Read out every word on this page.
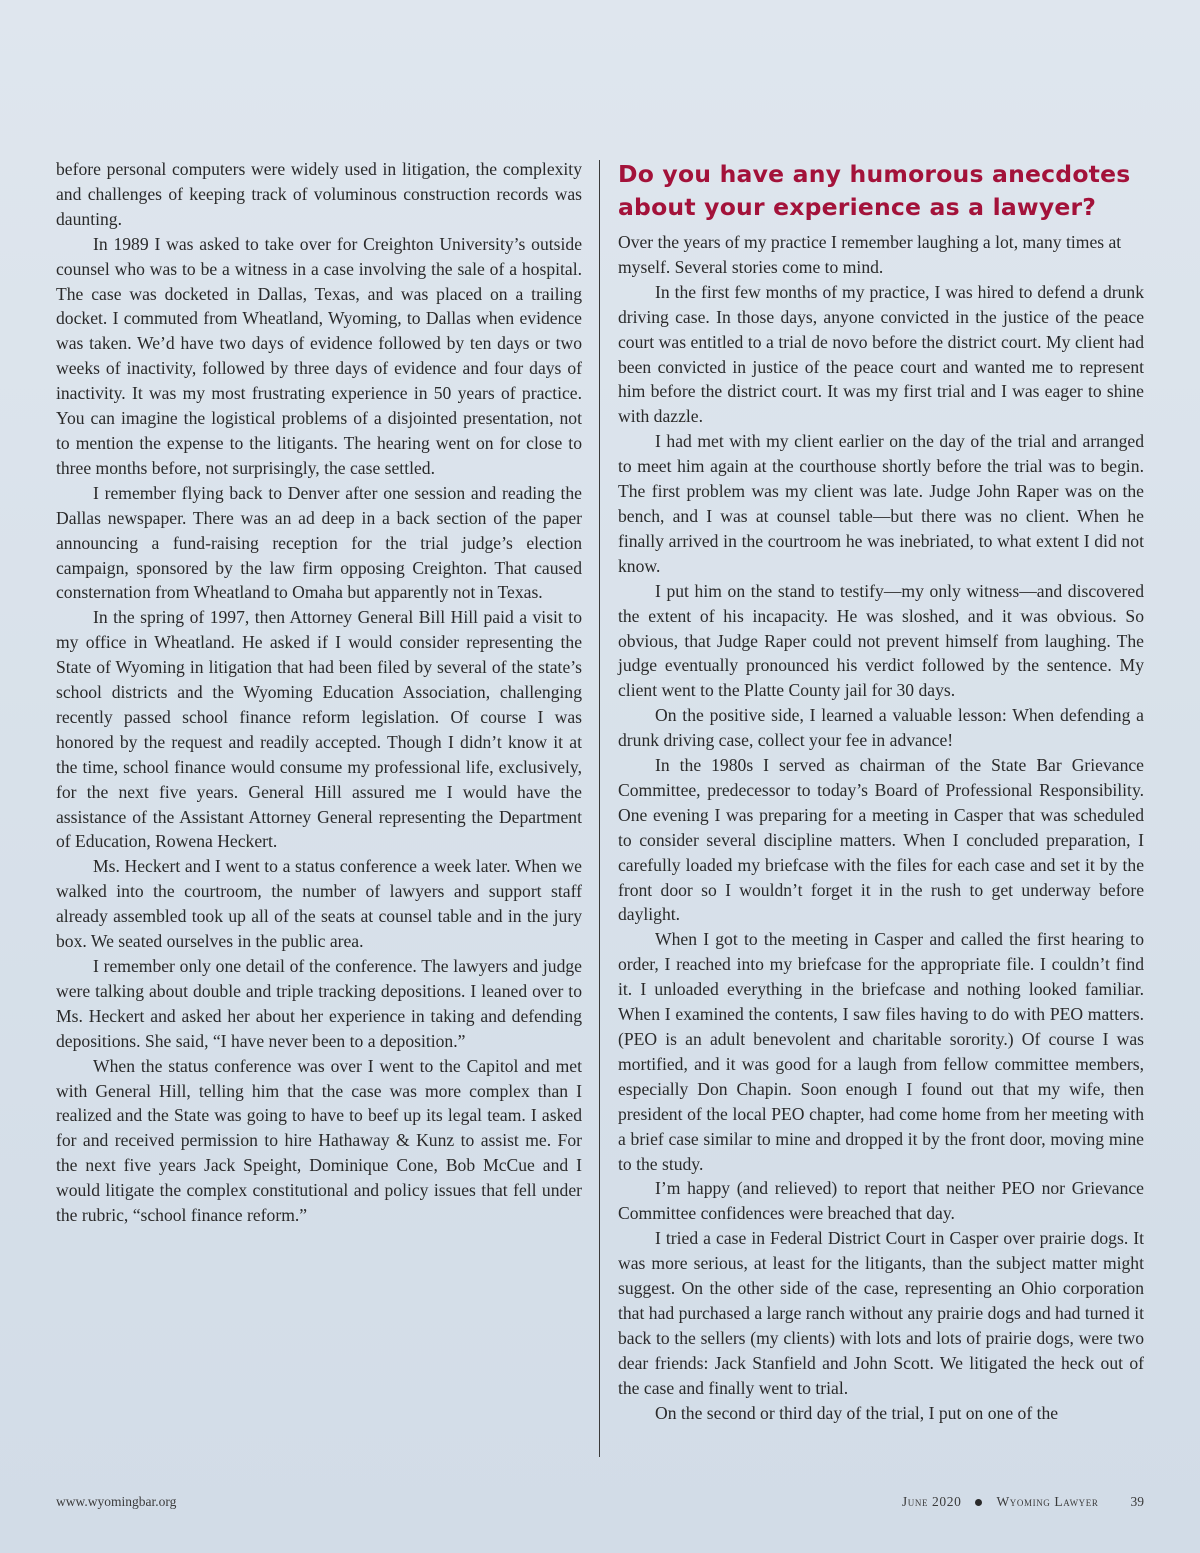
before personal computers were widely used in litigation, the complexity and challenges of keeping track of voluminous construction records was daunting.

In 1989 I was asked to take over for Creighton University’s outside counsel who was to be a witness in a case involving the sale of a hospital. The case was docketed in Dallas, Texas, and was placed on a trailing docket. I commuted from Wheatland, Wyoming, to Dallas when evidence was taken. We’d have two days of evidence followed by ten days or two weeks of inactivity, followed by three days of evidence and four days of inactivity. It was my most frustrating experience in 50 years of practice. You can imagine the logistical problems of a disjointed presentation, not to mention the expense to the litigants. The hearing went on for close to three months before, not surprisingly, the case settled.

I remember flying back to Denver after one session and reading the Dallas newspaper. There was an ad deep in a back section of the paper announcing a fund-raising reception for the trial judge’s election campaign, sponsored by the law firm opposing Creighton. That caused consternation from Wheatland to Omaha but apparently not in Texas.

In the spring of 1997, then Attorney General Bill Hill paid a visit to my office in Wheatland. He asked if I would consider representing the State of Wyoming in litigation that had been filed by several of the state’s school districts and the Wyoming Education Association, challenging recently passed school finance reform legislation. Of course I was honored by the request and readily accepted. Though I didn’t know it at the time, school finance would consume my professional life, exclusively, for the next five years. General Hill assured me I would have the assistance of the Assistant Attorney General representing the Department of Education, Rowena Heckert.

Ms. Heckert and I went to a status conference a week later. When we walked into the courtroom, the number of lawyers and support staff already assembled took up all of the seats at counsel table and in the jury box. We seated ourselves in the public area.

I remember only one detail of the conference. The lawyers and judge were talking about double and triple tracking depositions. I leaned over to Ms. Heckert and asked her about her experience in taking and defending depositions. She said, “I have never been to a deposition.”

When the status conference was over I went to the Capitol and met with General Hill, telling him that the case was more complex than I realized and the State was going to have to beef up its legal team. I asked for and received permission to hire Hathaway & Kunz to assist me. For the next five years Jack Speight, Dominique Cone, Bob McCue and I would litigate the complex constitutional and policy issues that fell under the rubric, “school finance reform.”

Do you have any humorous anecdotes about your experience as a lawyer?

Over the years of my practice I remember laughing a lot, many times at myself. Several stories come to mind.

In the first few months of my practice, I was hired to defend a drunk driving case. In those days, anyone convicted in the justice of the peace court was entitled to a trial de novo before the district court. My client had been convicted in justice of the peace court and wanted me to represent him before the district court. It was my first trial and I was eager to shine with dazzle.

I had met with my client earlier on the day of the trial and arranged to meet him again at the courthouse shortly before the trial was to begin. The first problem was my client was late. Judge John Raper was on the bench, and I was at counsel table—but there was no client. When he finally arrived in the courtroom he was inebriated, to what extent I did not know.

I put him on the stand to testify—my only witness—and discovered the extent of his incapacity. He was sloshed, and it was obvious. So obvious, that Judge Raper could not prevent himself from laughing. The judge eventually pronounced his verdict followed by the sentence. My client went to the Platte County jail for 30 days.

On the positive side, I learned a valuable lesson: When defending a drunk driving case, collect your fee in advance!

In the 1980s I served as chairman of the State Bar Grievance Committee, predecessor to today’s Board of Professional Responsibility. One evening I was preparing for a meeting in Casper that was scheduled to consider several discipline matters. When I concluded preparation, I carefully loaded my briefcase with the files for each case and set it by the front door so I wouldn’t forget it in the rush to get underway before daylight.

When I got to the meeting in Casper and called the first hearing to order, I reached into my briefcase for the appropriate file. I couldn’t find it. I unloaded everything in the briefcase and nothing looked familiar. When I examined the contents, I saw files having to do with PEO matters. (PEO is an adult benevolent and charitable sorority.) Of course I was mortified, and it was good for a laugh from fellow committee members, especially Don Chapin. Soon enough I found out that my wife, then president of the local PEO chapter, had come home from her meeting with a brief case similar to mine and dropped it by the front door, moving mine to the study.

I’m happy (and relieved) to report that neither PEO nor Grievance Committee confidences were breached that day.

I tried a case in Federal District Court in Casper over prairie dogs. It was more serious, at least for the litigants, than the subject matter might suggest. On the other side of the case, representing an Ohio corporation that had purchased a large ranch without any prairie dogs and had turned it back to the sellers (my clients) with lots and lots of prairie dogs, were two dear friends: Jack Stanfield and John Scott. We litigated the heck out of the case and finally went to trial.

On the second or third day of the trial, I put on one of the

www.wyomingbar.org	June 2020	Wyoming Lawyer 39
